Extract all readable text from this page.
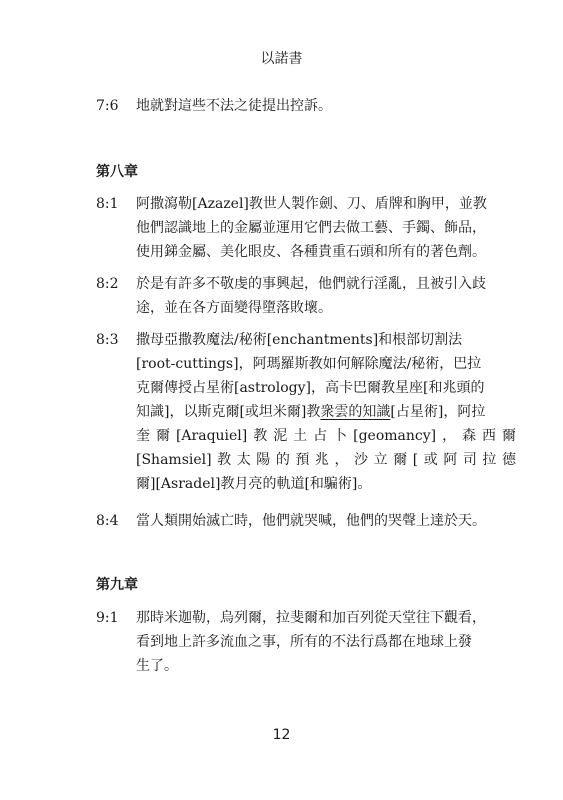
以諾書
7:6	地就對這些不法之徒提出控訴。
第八章
8:1	阿撒瀉勒[Azazel]教世人製作劍、刀、盾牌和胸甲，並教
他們認識地上的金屬並運用它們去做工藝、手鐲、飾品，
使用銻金屬、美化眼皮、各種貴重石頭和所有的著色劑。
8:2	於是有許多不敬虔的事興起，他們就行淫亂，且被引入歧
途，並在各方面變得墮落敗壞。
8:3	撒母亞撒教魔法/秘術[enchantments]和根部切割法
[root-cuttings]，阿瑪羅斯教如何解除魔法/秘術，巴拉
克爾傳授占星術[astrology]，高卡巴爾教星座[和兆頭的
知識]，以斯克爾[或坦米爾]教衆雲的知識[占星術]，阿拉
奎爾[Araquiel]教泥土占卜[geomancy]，森西爾
[Shamsiel]教太陽的預兆，沙立爾[或阿司拉德
爾][Asradel]教月亮的軌道[和騙術]。
8:4	當人類開始滅亡時，他們就哭喊，他們的哭聲上達於天。
第九章
9:1	那時米迦勒，烏列爾，拉斐爾和加百列從天堂往下觀看，
看到地上許多流血之事，所有的不法行爲都在地球上發
生了。
12
